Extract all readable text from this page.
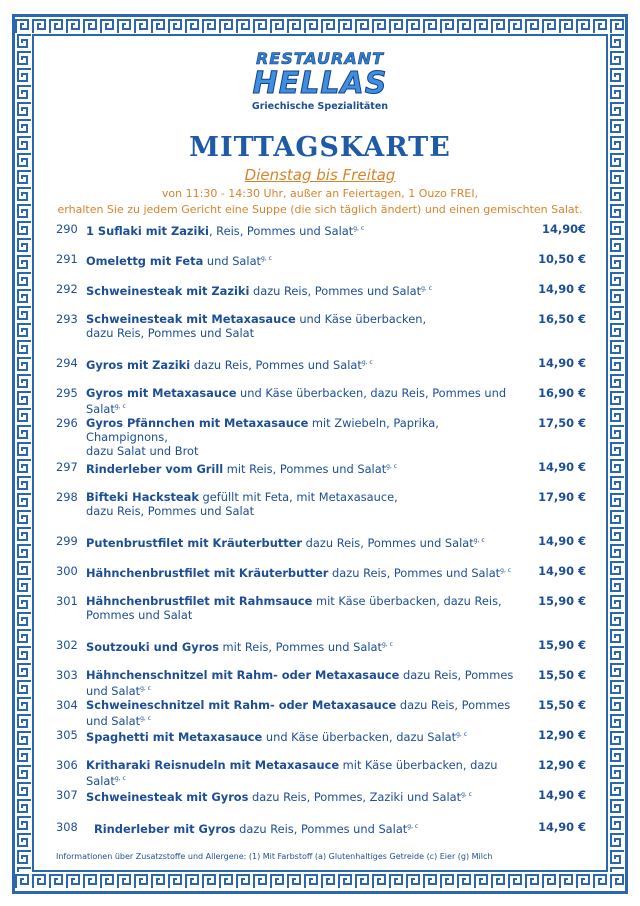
RESTAURANT
HELLAS
Griechische Spezialitäten
MITTAGSKARTE
Dienstag bis Freitag
von 11:30 - 14:30 Uhr, außer an Feiertagen, 1 Ouzo FREI,
erhalten Sie zu jedem Gericht eine Suppe (die sich täglich ändert) und einen gemischten Salat.
290 1 Suflaki mit Zaziki, Reis, Pommes und Salat$^{g, c}$	14,90€
291 Omelettg mit Feta und Salat$^{g, c}$	10,50 €
292 Schweinesteak mit Zaziki dazu Reis, Pommes und Salat$^{g, c}$	14,90 €
293 Schweinesteak mit Metaxasauce und Käse überbacken,
dazu Reis, Pommes und Salat
16,50 €
294 Gyros mit Zaziki dazu Reis, Pommes und Salat$^{g, c}$	14,90 €
295 Gyros mit Metaxasauce und Käse überbacken, dazu Reis, Pommes und Salat$^{g, c}$
16,90 €
296 Gyros Pfännchen mit Metaxasauce mit Zwiebeln, Paprika, Champignons,
dazu Salat und Brot
17,50 €
297 Rinderleber vom Grill mit Reis, Pommes und Salat$^{g, c}$	14,90 €
298 Bifteki Hacksteak gefüllt mit Feta, mit Metaxasauce,
dazu Reis, Pommes und Salat
17,90 €
299 Putenbrustfilet mit Kräuterbutter dazu Reis, Pommes und Salat$^{g, c}$	14,90 €
300 Hähnchenbrustfilet mit Kräuterbutter dazu Reis, Pommes und Salat$^{g, c}$	14,90 €
301 Hähnchenbrustfilet mit Rahmsauce mit Käse überbacken, dazu Reis,
Pommes und Salat
15,90 €
302 Soutzouki und Gyros mit Reis, Pommes und Salat$^{g, c}$	15,90 €
303 Hähnchenschnitzel mit Rahm- oder Metaxasauce dazu Reis, Pommes und Salat$^{g, c}$
15,50 €
304 Schweineschnitzel mit Rahm- oder Metaxasauce dazu Reis, Pommes und Salat$^{g, c}$
15,50 €
305 Spaghetti mit Metaxasauce und Käse überbacken, dazu Salat$^{g, c}$	12,90 €
306 Kritharaki Reisnudeln mit Metaxasauce mit Käse überbacken, dazu Salat$^{g, c}$
12,90 €
307 Schweinesteak mit Gyros dazu Reis, Pommes, Zaziki und Salat$^{g, c}$	14,90 €
308	Rinderleber mit Gyros dazu Reis, Pommes und Salat$^{g, c}$	14,90 €
Informationen über Zusatzstoffe und Allergene: (1) Mit Farbstoff (a) Glutenhaltiges Getreide (c) Eier (g) Milch
